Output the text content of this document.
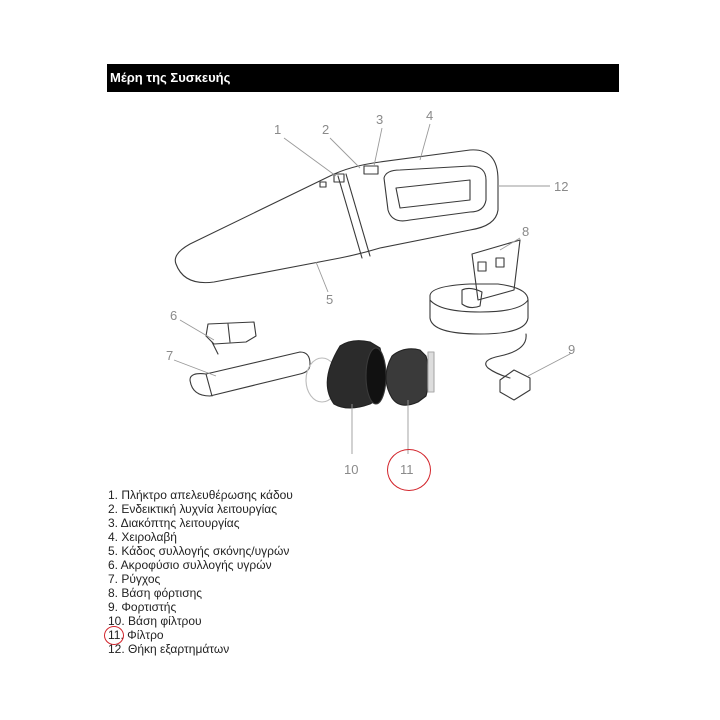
Μέρη της Συσκευής
1	2
3	4
5
6
7
8
9
10	11
12
1. Πλήκτρο απελευθέρωσης κάδου
2. Ενδεικτική λυχνία λειτουργίας
3. Διακόπτης λειτουργίας
4. Χειρολαβή
5. Κάδος συλλογής σκόνης/υγρών
6. Ακροφύσιο συλλογής υγρών
7. Ρύγχος
8. Βάση φόρτισης
9. Φορτιστής
10. Βάση φίλτρου
11. Φίλτρο
12. Θήκη εξαρτημάτων
